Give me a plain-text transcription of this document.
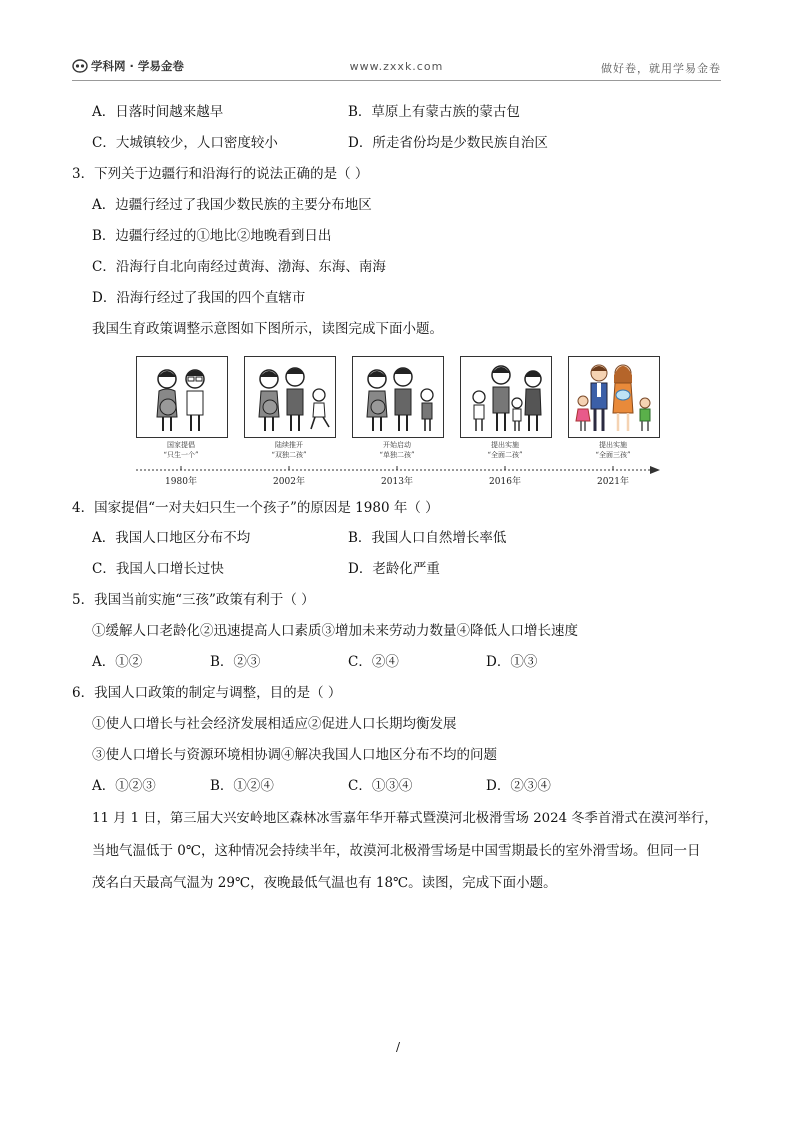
学科网 · 学易金卷	www.zxxk.com	做好卷，就用学易金卷
A．日落时间越来越早	B．草原上有蒙古族的蒙古包
C．大城镇较少，人口密度较小	D．所走省份均是少数民族自治区
3．下列关于边疆行和沿海行的说法正确的是（ ）
A．边疆行经过了我国少数民族的主要分布地区
B．边疆行经过的①地比②地晚看到日出
C．沿海行自北向南经过黄海、渤海、东海、南海
D．沿海行经过了我国的四个直辖市
我国生育政策调整示意图如下图所示，读图完成下面小题。
国家提倡
“只生一个”
陆续推开
“双独二孩”
开始启动
“单独二孩”
提出实施
“全面二孩”
提出实施
“全面三孩”
1980年	2002年	2013年	2016年	2021年
4．国家提倡“一对夫妇只生一个孩子”的原因是 1980 年（ ）
A．我国人口地区分布不均	B．我国人口自然增长率低
C．我国人口增长过快	D．老龄化严重
5．我国当前实施“三孩”政策有利于（ ）
①缓解人口老龄化②迅速提高人口素质③增加未来劳动力数量④降低人口增长速度
A．①②	B．②③	C．②④	D．①③
6．我国人口政策的制定与调整，目的是（ ）
①使人口增长与社会经济发展相适应②促进人口长期均衡发展
③使人口增长与资源环境相协调④解决我国人口地区分布不均的问题
A．①②③	B．①②④	C．①③④	D．②③④
11 月 1 日，第三届大兴安岭地区森林冰雪嘉年华开幕式暨漠河北极滑雪场 2024 冬季首滑式在漠河举行，
当地气温低于 0℃，这种情况会持续半年，故漠河北极滑雪场是中国雪期最长的室外滑雪场。但同一日
茂名白天最高气温为 29℃，夜晚最低气温也有 18℃。读图，完成下面小题。
/
